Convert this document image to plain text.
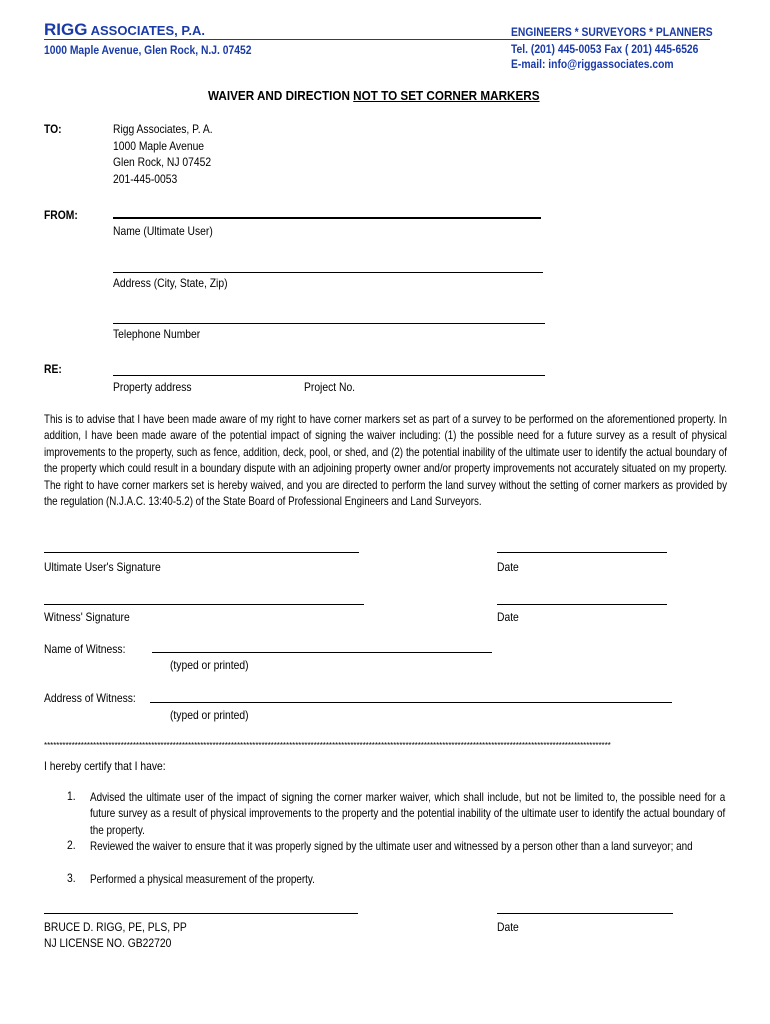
RIGG ASSOCIATES, P.A.
1000 Maple Avenue, Glen Rock, N.J. 07452
ENGINEERS * SURVEYORS * PLANNERS
Tel. (201) 445-0053 Fax ( 201) 445-6526
E-mail: info@riggassociates.com
WAIVER AND DIRECTION NOT TO SET CORNER MARKERS
TO:	Rigg Associates, P. A.
1000 Maple Avenue
Glen Rock, NJ 07452
201-445-0053
FROM:
Name (Ultimate User)
Address (City, State, Zip)
Telephone Number
RE:
Property address	Project No.
This is to advise that I have been made aware of my right to have corner markers set as part of a survey to be performed on the aforementioned property. In addition, I have been made aware of the potential impact of signing the waiver including: (1) the possible need for a future survey as a result of physical improvements to the property, such as fence, addition, deck, pool, or shed, and (2) the potential inability of the ultimate user to identify the actual boundary of the property which could result in a boundary dispute with an adjoining property owner and/or property improvements not accurately situated on my property. The right to have corner markers set is hereby waived, and you are directed to perform the land survey without the setting of corner markers as provided by the regulation (N.J.A.C. 13:40-5.2) of the State Board of Professional Engineers and Land Surveyors.
Ultimate User's Signature	Date
Witness' Signature	Date
Name of Witness:
(typed or printed)
Address of Witness:
(typed or printed)
*****************************************************************************************************************************************************************************************
I hereby certify that I have:
1. Advised the ultimate user of the impact of signing the corner marker waiver, which shall include, but not be limited to, the possible need for a future survey as a result of physical improvements to the property and the potential inability of the ultimate user to identify the actual boundary of the property.
2. Reviewed the waiver to ensure that it was properly signed by the ultimate user and witnessed by a person other than a land surveyor; and
3. Performed a physical measurement of the property.
BRUCE D. RIGG, PE, PLS, PP
NJ LICENSE NO. GB22720
Date
